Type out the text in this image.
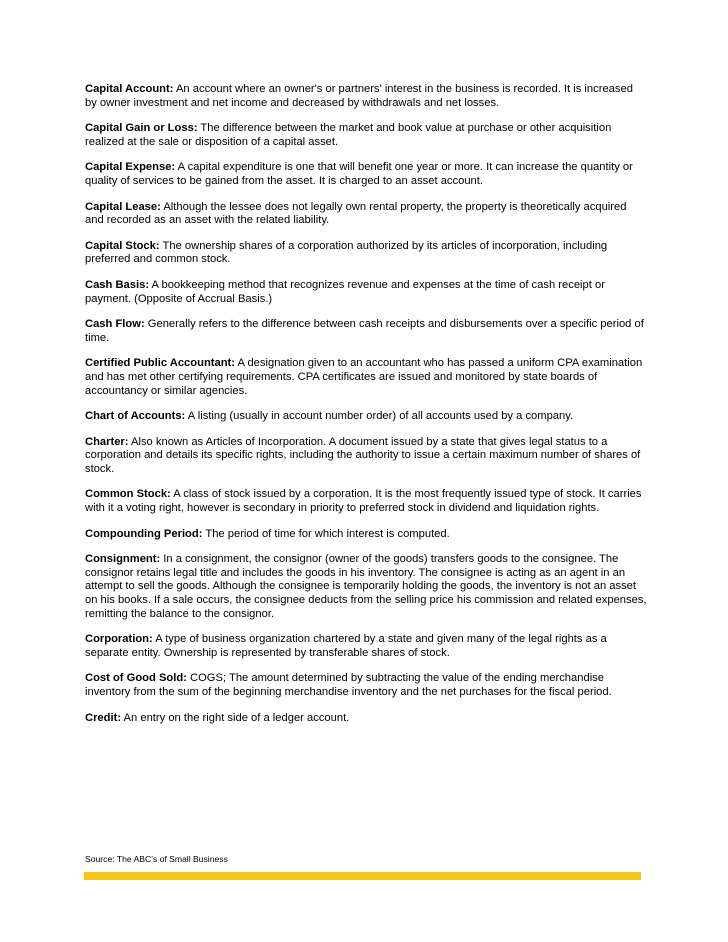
Capital Account: An account where an owner's or partners' interest in the business is recorded. It is increased by owner investment and net income and decreased by withdrawals and net losses.

Capital Gain or Loss: The difference between the market and book value at purchase or other acquisition realized at the sale or disposition of a capital asset.

Capital Expense: A capital expenditure is one that will benefit one year or more. It can increase the quantity or quality of services to be gained from the asset. It is charged to an asset account.

Capital Lease: Although the lessee does not legally own rental property, the property is theoretically acquired and recorded as an asset with the related liability.

Capital Stock: The ownership shares of a corporation authorized by its articles of incorporation, including preferred and common stock.

Cash Basis: A bookkeeping method that recognizes revenue and expenses at the time of cash receipt or payment. (Opposite of Accrual Basis.)

Cash Flow: Generally refers to the difference between cash receipts and disbursements over a specific period of time.

Certified Public Accountant: A designation given to an accountant who has passed a uniform CPA examination and has met other certifying requirements. CPA certificates are issued and monitored by state boards of accountancy or similar agencies.

Chart of Accounts: A listing (usually in account number order) of all accounts used by a company.

Charter: Also known as Articles of Incorporation. A document issued by a state that gives legal status to a corporation and details its specific rights, including the authority to issue a certain maximum number of shares of stock.

Common Stock: A class of stock issued by a corporation. It is the most frequently issued type of stock. It carries with it a voting right, however is secondary in priority to preferred stock in dividend and liquidation rights.

Compounding Period: The period of time for which interest is computed.

Consignment: In a consignment, the consignor (owner of the goods) transfers goods to the consignee. The consignor retains legal title and includes the goods in his inventory. The consignee is acting as an agent in an attempt to sell the goods. Although the consignee is temporarily holding the goods, the inventory is not an asset on his books. If a sale occurs, the consignee deducts from the selling price his commission and related expenses, remitting the balance to the consignor.

Corporation: A type of business organization chartered by a state and given many of the legal rights as a separate entity. Ownership is represented by transferable shares of stock.

Cost of Good Sold: COGS; The amount determined by subtracting the value of the ending merchandise inventory from the sum of the beginning merchandise inventory and the net purchases for the fiscal period.

Credit: An entry on the right side of a ledger account.

Source: The ABC's of Small Business
